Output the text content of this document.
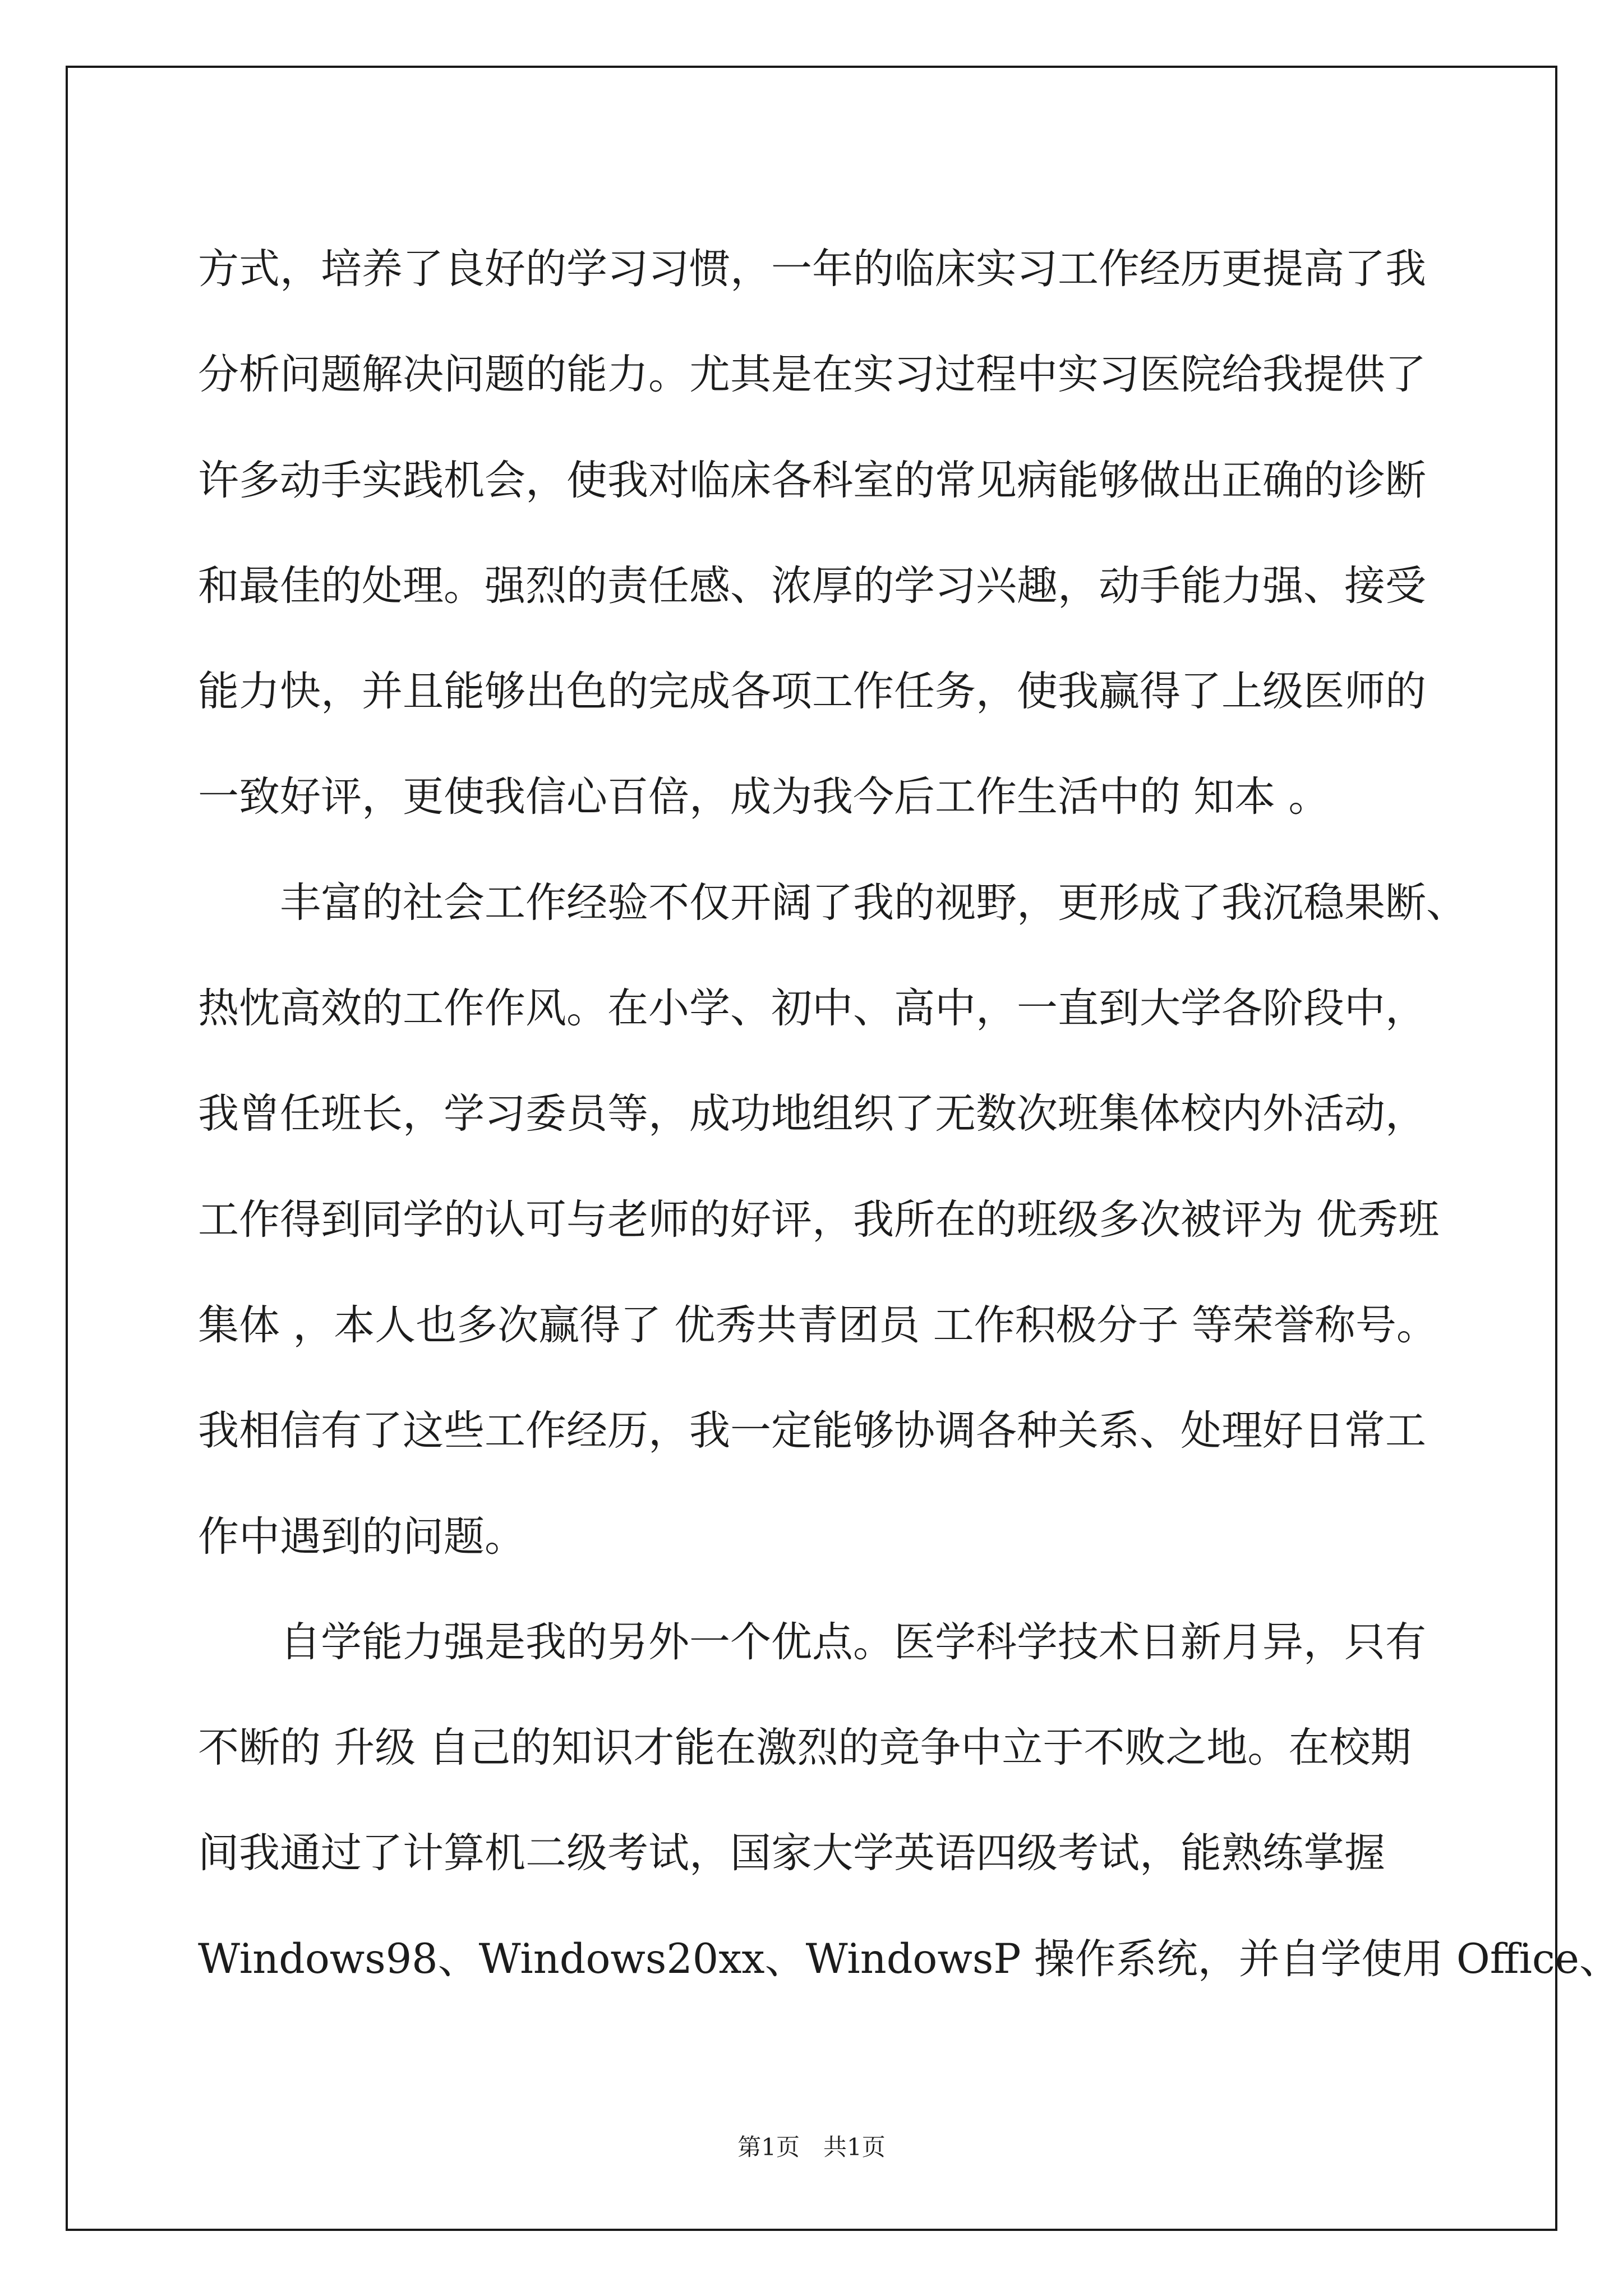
方式，培养了良好的学习习惯，一年的临床实习工作经历更提高了我
分析问题解决问题的能力。尤其是在实习过程中实习医院给我提供了
许多动手实践机会，使我对临床各科室的常见病能够做出正确的诊断
和最佳的处理。强烈的责任感、浓厚的学习兴趣，动手能力强、接受
能力快，并且能够出色的完成各项工作任务，使我赢得了上级医师的
一致好评，更使我信心百倍，成为我今后工作生活中的 知本 。
　　丰富的社会工作经验不仅开阔了我的视野，更形成了我沉稳果断、
热忱高效的工作作风。在小学、初中、高中，一直到大学各阶段中，
我曾任班长，学习委员等，成功地组织了无数次班集体校内外活动，
工作得到同学的认可与老师的好评，我所在的班级多次被评为 优秀班
集体 ，本人也多次赢得了 优秀共青团员 工作积极分子 等荣誉称号。
我相信有了这些工作经历，我一定能够协调各种关系、处理好日常工
作中遇到的问题。
　　自学能力强是我的另外一个优点。医学科学技术日新月异，只有
不断的 升级 自己的知识才能在激烈的竞争中立于不败之地。在校期
间我通过了计算机二级考试，国家大学英语四级考试，能熟练掌握
Windows98、Windows20xx、WindowsP 操作系统，并自学使用 Office、
第1页　共1页
